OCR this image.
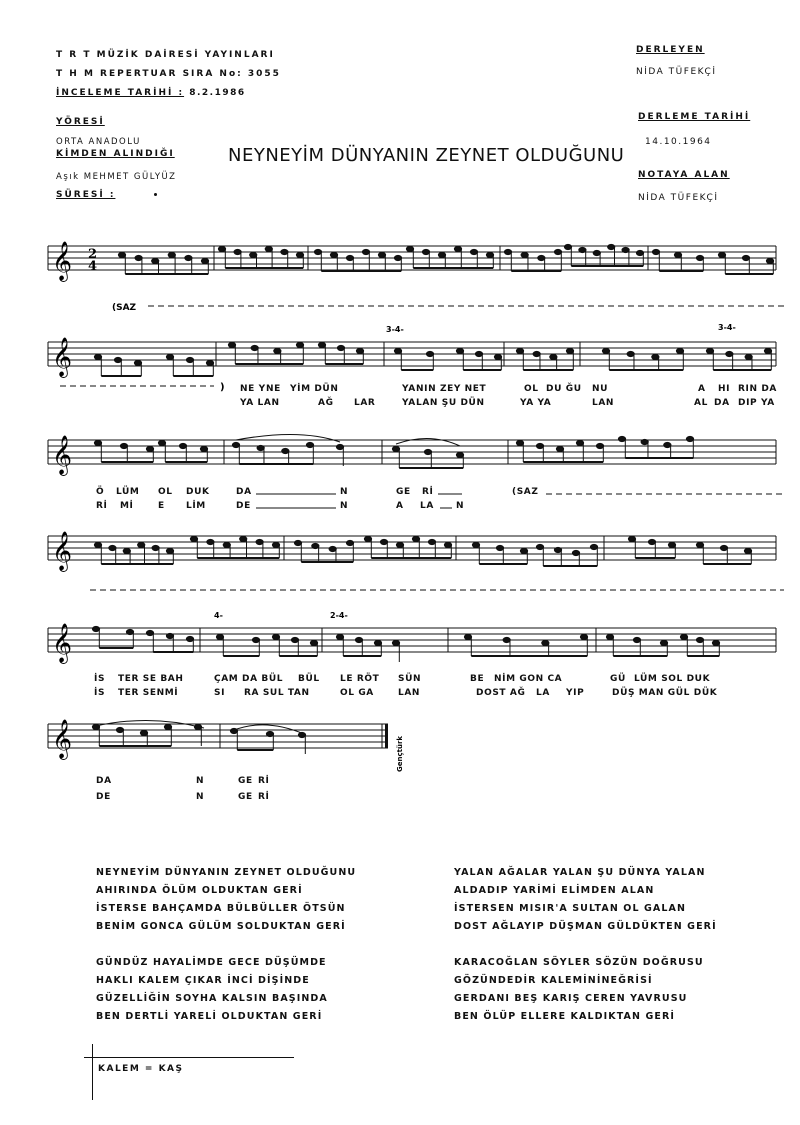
T R T MÜZİK DAİRESİ YAYINLARI
T H M REPERTUAR SIRA No: 3055
İNCELEME TARİHİ : 8.2.1986
YÖRESİ
ORTA ANADOLU
KİMDEN ALINDIĞI
Aşık MEHMET GÜLYÜZ
SÜRESİ :
DERLEYEN
NİDA TÜFEKÇİ
DERLEME TARİHİ
14.10.1964
NOTAYA ALAN
NİDA TÜFEKÇİ
NEYNEYİM DÜNYANIN ZEYNET OLDUĞUNU
𝄞 2
4
(SAZ
𝄞
3-4-	3-4-
) NE Y NE YİM DÜN	YA NIN ZEY NET	OL DU ĞU NU	A HI RIN DA
YA LAN	AĞ LAR	YA LAN ŞU DÜN	YA YA	LAN	AL DA DIP YA
𝄞
Ö LÜM OL DUK	DA	N	GE Rİ	(SAZ
Rİ Mİ	E LİM	DE	N	A LA N
𝄞
𝄞
4-	2-4-
İS TER SE BAH	ÇAM DA BÜL BÜL LE RÖT SÜN	BE NİM GON CA	GÜ LÜM SOL DUK
İS TER SENMİ	SI RA SUL TAN	OL GA	LAN	DOST AĞ LA YIP	DÜŞ MAN GÜL DÜK
𝄞	Gençtürk
DA	N	GE Rİ
DE	N	GE Rİ
NEYNEYİM DÜNYANIN ZEYNET OLDUĞUNU
AHIRINDA ÖLÜM OLDUKTAN GERİ
İSTERSE BAHÇAMDA BÜLBÜLLER ÖTSÜN
BENİM GONCA GÜLÜM SOLDUKTAN GERİ
GÜNDÜZ HAYALİMDE GECE DÜŞÜMDE
HAKLI KALEM ÇIKAR İNCİ DİŞİNDE
GÜZELLİĞİN SOYHA KALSIN BAŞINDA
BEN DERTLİ YARELİ OLDUKTAN GERİ
YALAN AĞALAR YALAN ŞU DÜNYA YALAN
ALDADIP YARİMİ ELİMDEN ALAN
İSTERSEN MISIR'A SULTAN OL GALAN
DOST AĞLAYIP DÜŞMAN GÜLDÜKTEN GERİ
KARACOĞLAN SÖYLER SÖZÜN DOĞRUSU
GÖZÜNDEDİR KALEMİNİNEĞRİSİ
GERDANI BEŞ KARIŞ CEREN YAVRUSU
BEN ÖLÜP ELLERE KALDIKTAN GERİ
KALEM = KAŞ
